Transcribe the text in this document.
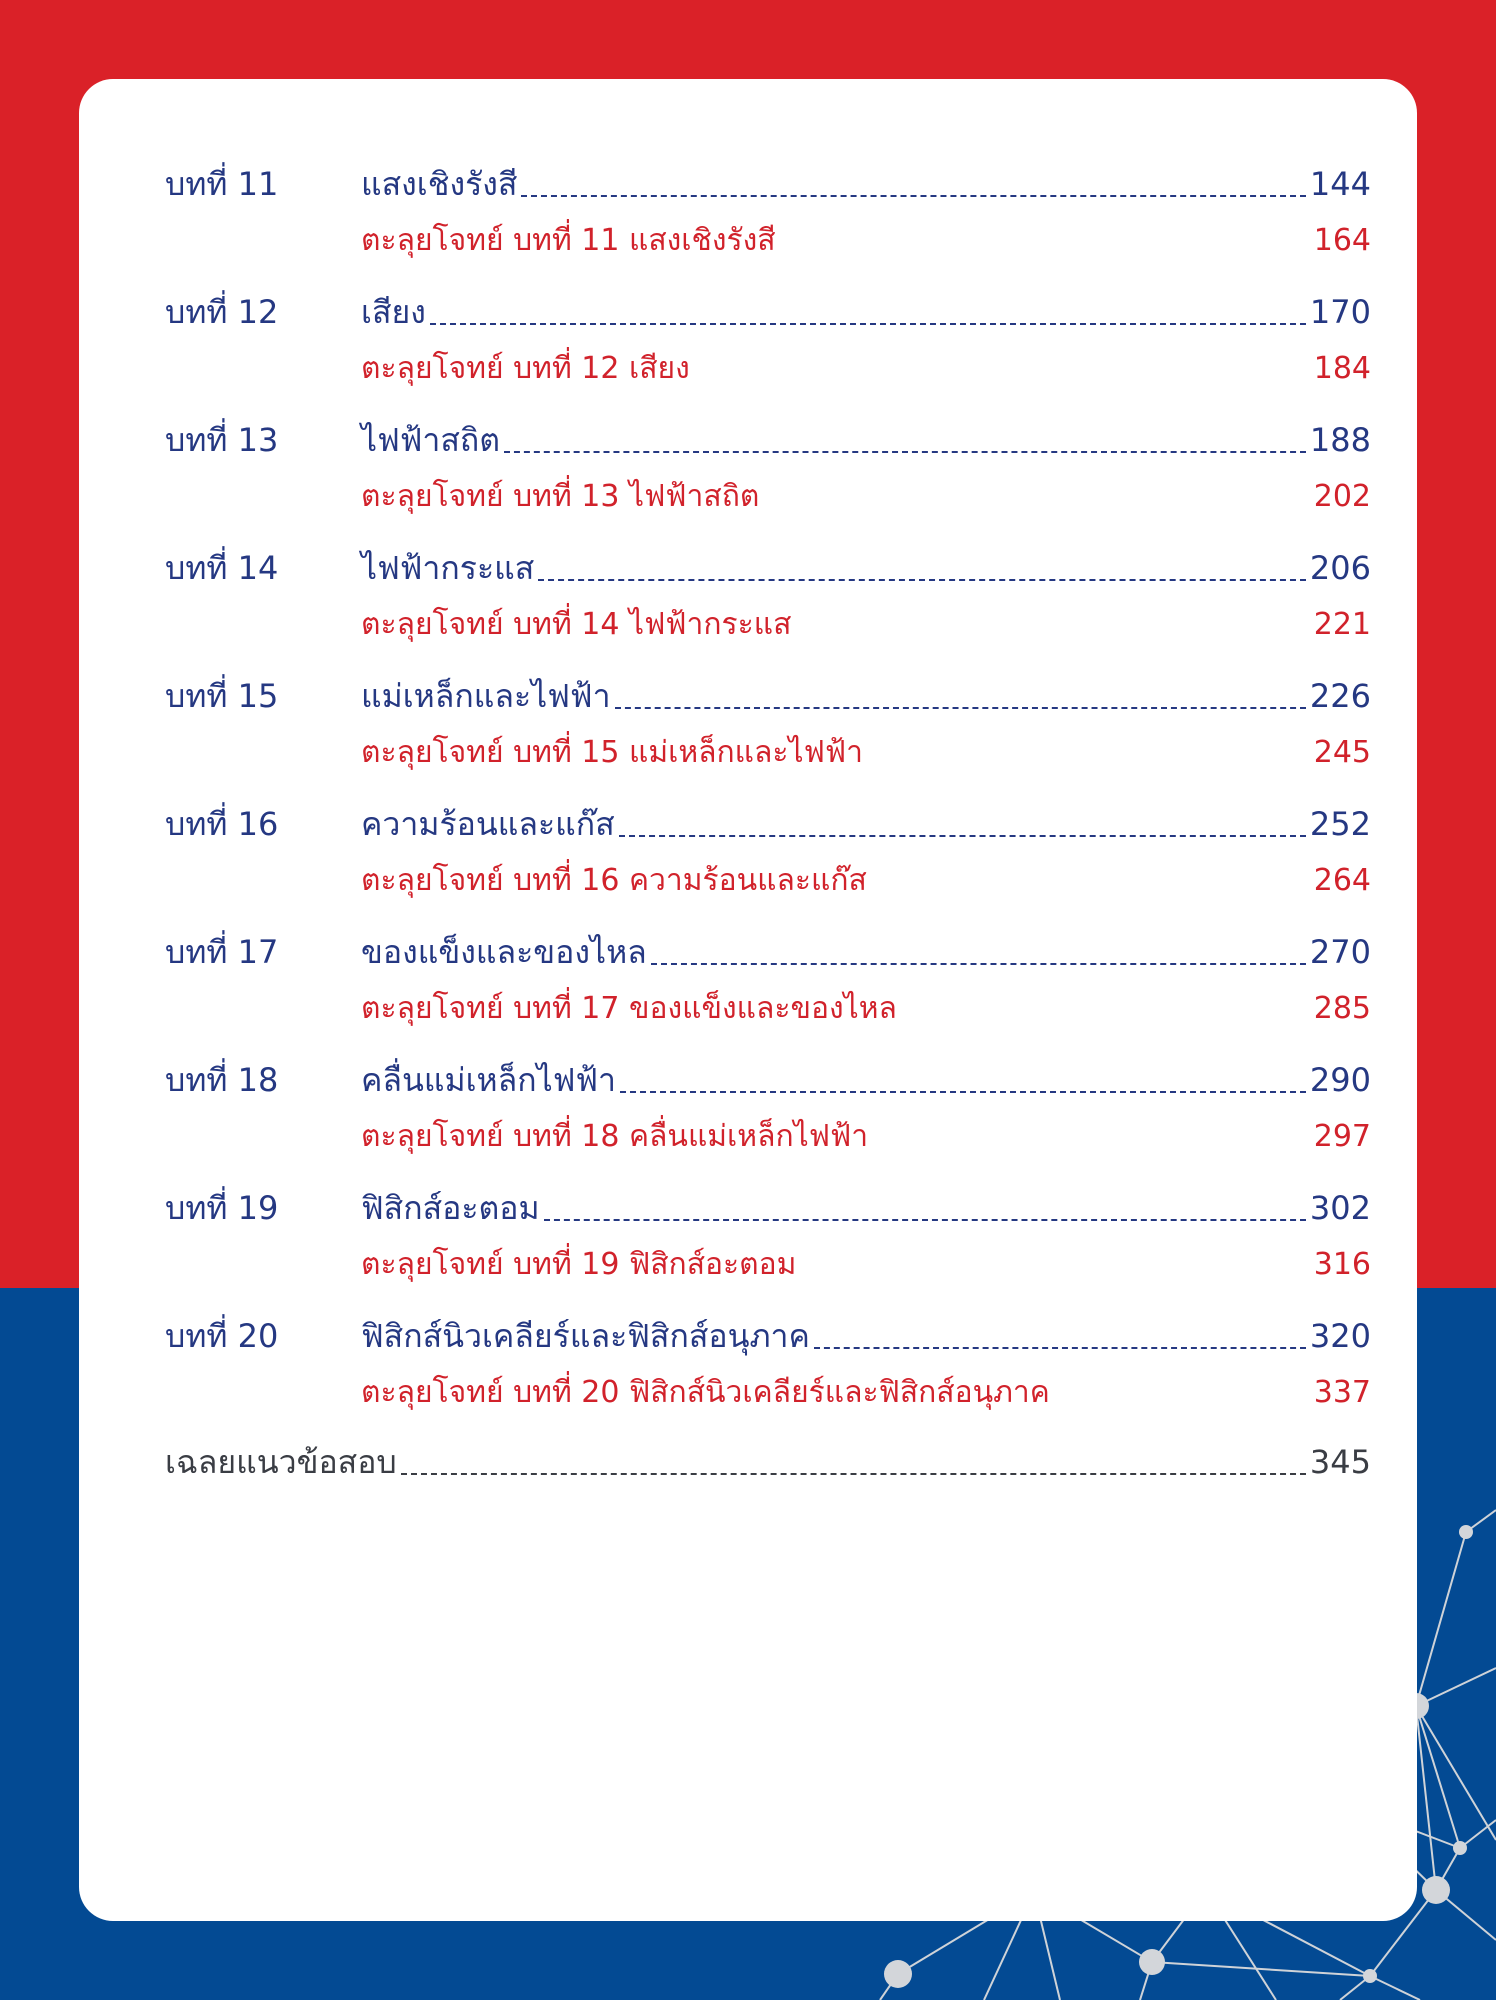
บทที่ 11	แสงเชิงรังสี	144
ตะลุยโจทย์ บทที่ 11 แสงเชิงรังสี	164
บทที่ 12	เสียง	170
ตะลุยโจทย์ บทที่ 12 เสียง	184
บทที่ 13	ไฟฟ้าสถิต	188
ตะลุยโจทย์ บทที่ 13 ไฟฟ้าสถิต	202
บทที่ 14	ไฟฟ้ากระแส	206
ตะลุยโจทย์ บทที่ 14 ไฟฟ้ากระแส	221
บทที่ 15	แม่เหล็กและไฟฟ้า	226
ตะลุยโจทย์ บทที่ 15 แม่เหล็กและไฟฟ้า	245
บทที่ 16	ความร้อนและแก๊ส	252
ตะลุยโจทย์ บทที่ 16 ความร้อนและแก๊ส	264
บทที่ 17	ของแข็งและของไหล	270
ตะลุยโจทย์ บทที่ 17 ของแข็งและของไหล	285
บทที่ 18	คลื่นแม่เหล็กไฟฟ้า	290
ตะลุยโจทย์ บทที่ 18 คลื่นแม่เหล็กไฟฟ้า	297
บทที่ 19	ฟิสิกส์อะตอม	302
ตะลุยโจทย์ บทที่ 19 ฟิสิกส์อะตอม	316
บทที่ 20	ฟิสิกส์นิวเคลียร์และฟิสิกส์อนุภาค	320
ตะลุยโจทย์ บทที่ 20 ฟิสิกส์นิวเคลียร์และฟิสิกส์อนุภาค	337
เฉลยแนวข้อสอบ	345
